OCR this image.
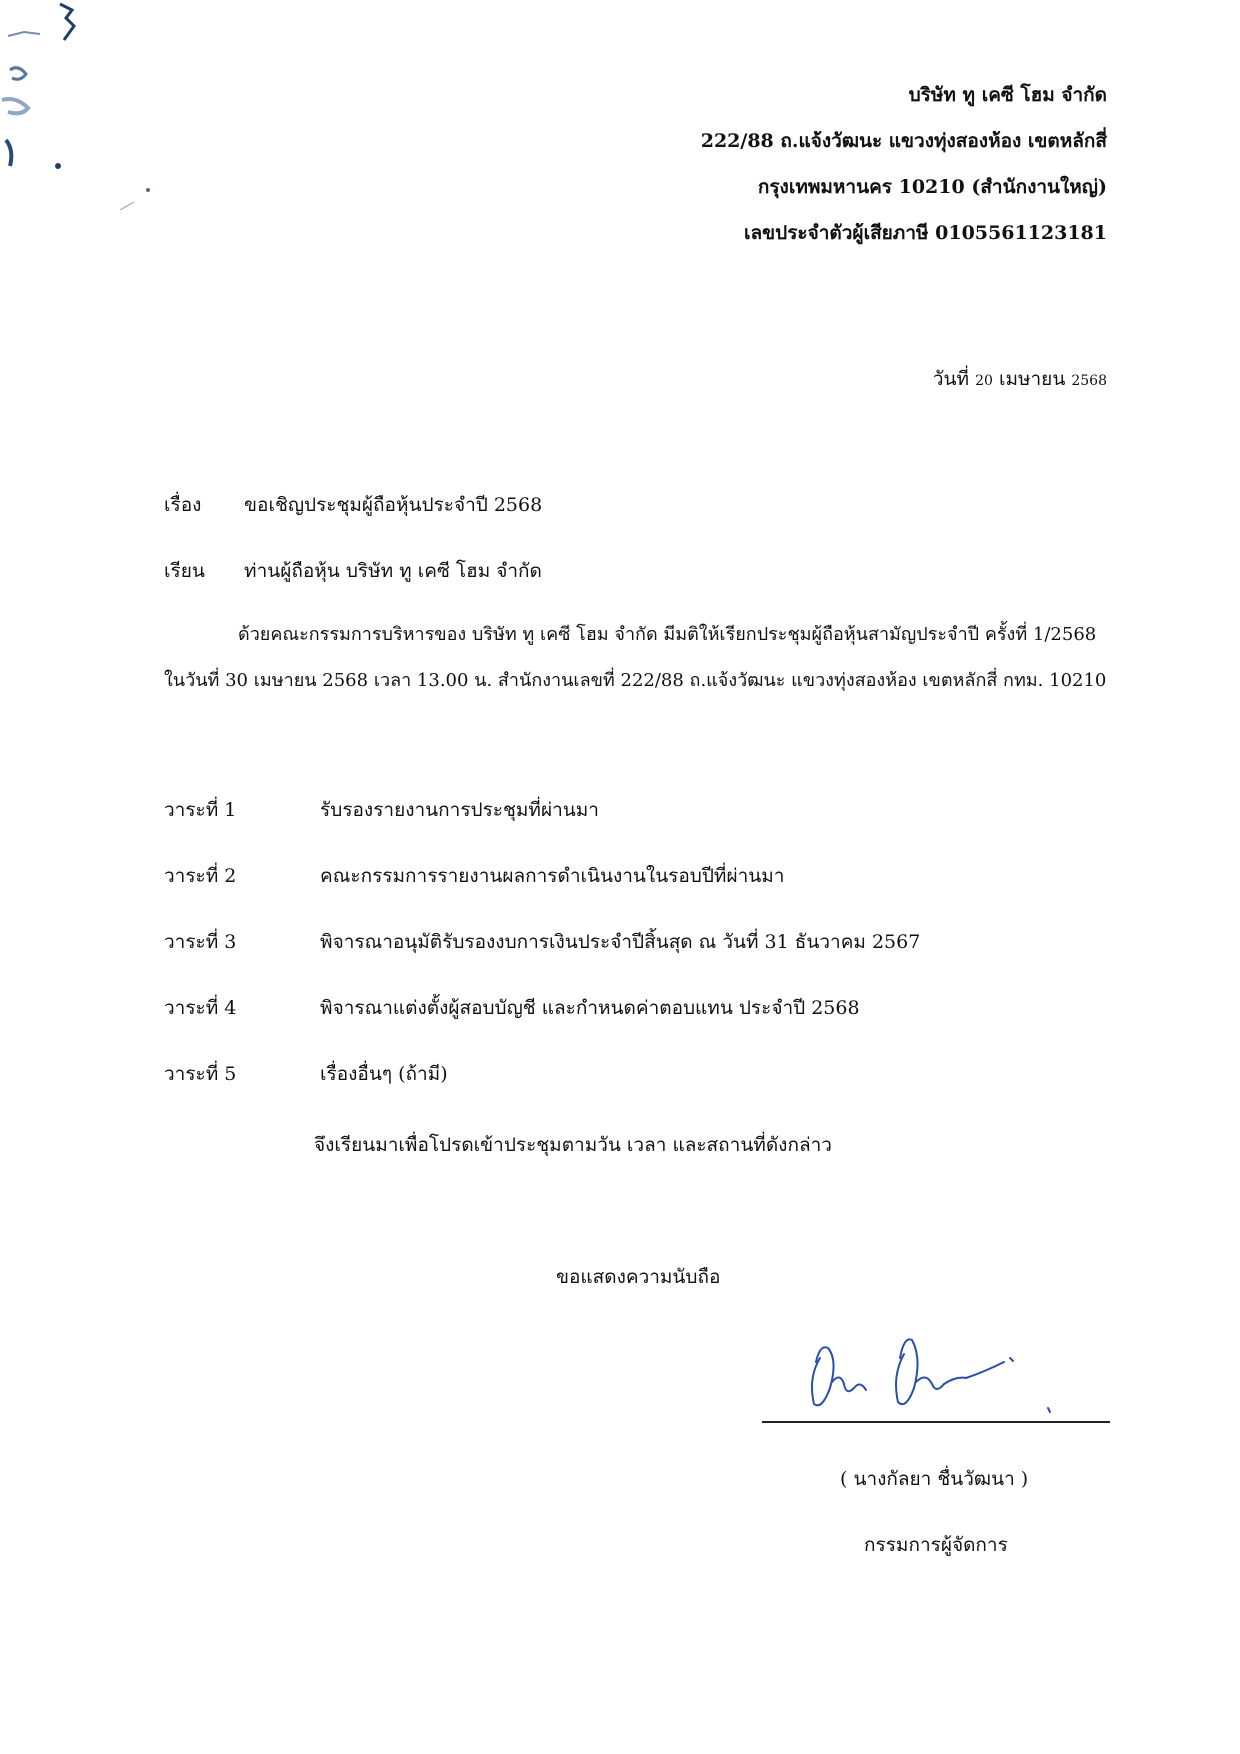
บริษัท ทู เคซี โฮม จำกัด
222/88 ถ.แจ้งวัฒนะ แขวงทุ่งสองห้อง เขตหลักสี่
กรุงเทพมหานคร 10210 (สำนักงานใหญ่)
เลขประจำตัวผู้เสียภาษี 0105561123181
วันที่ 20 เมษายน 2568
เรื่อง ขอเชิญประชุมผู้ถือหุ้นประจำปี 2568
เรียน ท่านผู้ถือหุ้น บริษัท ทู เคซี โฮม จำกัด
ด้วยคณะกรรมการบริหารของ บริษัท ทู เคซี โฮม จำกัด มีมติให้เรียกประชุมผู้ถือหุ้นสามัญประจำปี ครั้งที่ 1/2568
ในวันที่ 30 เมษายน 2568 เวลา 13.00 น. สำนักงานเลขที่ 222/88 ถ.แจ้งวัฒนะ แขวงทุ่งสองห้อง เขตหลักสี่ กทม. 10210
วาระที่ 1	รับรองรายงานการประชุมที่ผ่านมา
วาระที่ 2	คณะกรรมการรายงานผลการดำเนินงานในรอบปีที่ผ่านมา
วาระที่ 3	พิจารณาอนุมัติรับรองงบการเงินประจำปีสิ้นสุด ณ วันที่ 31 ธันวาคม 2567
วาระที่ 4	พิจารณาแต่งตั้งผู้สอบบัญชี และกำหนดค่าตอบแทน ประจำปี 2568
วาระที่ 5	เรื่องอื่นๆ (ถ้ามี)
จึงเรียนมาเพื่อโปรดเข้าประชุมตามวัน เวลา และสถานที่ดังกล่าว
ขอแสดงความนับถือ
( นางกัลยา ชื่นวัฒนา )
กรรมการผู้จัดการ
